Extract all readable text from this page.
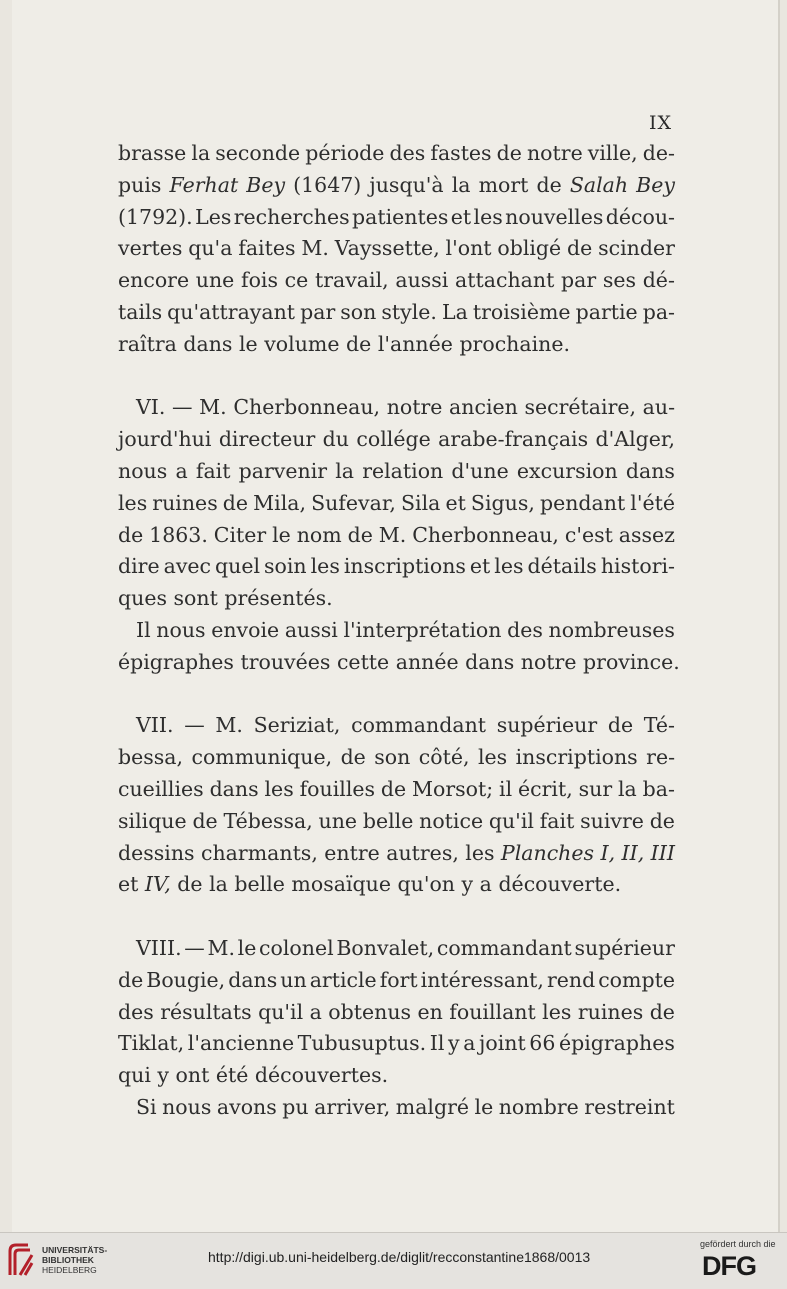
IX
brasse la seconde période des fastes de notre ville, de-
puis Ferhat Bey (1647) jusqu'à la mort de Salah Bey
(1792). Les recherches patientes et les nouvelles décou-
vertes qu'a faites M. Vayssette, l'ont obligé de scinder
encore une fois ce travail, aussi attachant par ses dé-
tails qu'attrayant par son style. La troisième partie pa-
raîtra
dans
le
volume
de
l'année
prochaine.
VI. — M. Cherbonneau, notre ancien secrétaire, au-
jourd'hui directeur du collége arabe-français d'Alger,
nous a fait parvenir la relation d'une excursion dans
les ruines de Mila, Sufevar, Sila et Sigus, pendant l'été
de 1863. Citer le nom de M. Cherbonneau, c'est assez
dire avec quel soin les inscriptions et les détails histori-
ques
sont
présentés.
Il nous envoie aussi l'interprétation des nombreuses
épigraphes
trouvées
cette
année
dans
notre
province.
VII. — M. Seriziat, commandant supérieur de Té-
bessa, communique, de son côté, les inscriptions re-
cueillies dans les fouilles de Morsot; il écrit, sur la ba-
silique de Tébessa, une belle notice qu'il fait suivre de
dessins charmants, entre autres, les Planches I, II, III
et
IV,
de
la
belle
mosaïque
qu'on
y
a
découverte.
VIII. — M. le colonel Bonvalet, commandant supérieur
de Bougie, dans un article fort intéressant, rend compte
des résultats qu'il a obtenus en fouillant les ruines de
Tiklat, l'ancienne Tubusuptus. Il y a joint 66 épigraphes
qui
y
ont
été
découvertes.
Si nous avons pu arriver, malgré le nombre restreint
UNIVERSITÄTS-
BIBLIOTHEK
HEIDELBERG
http://digi.ub.uni-heidelberg.de/diglit/recconstantine1868/0013
gefördert durch die
DFG
